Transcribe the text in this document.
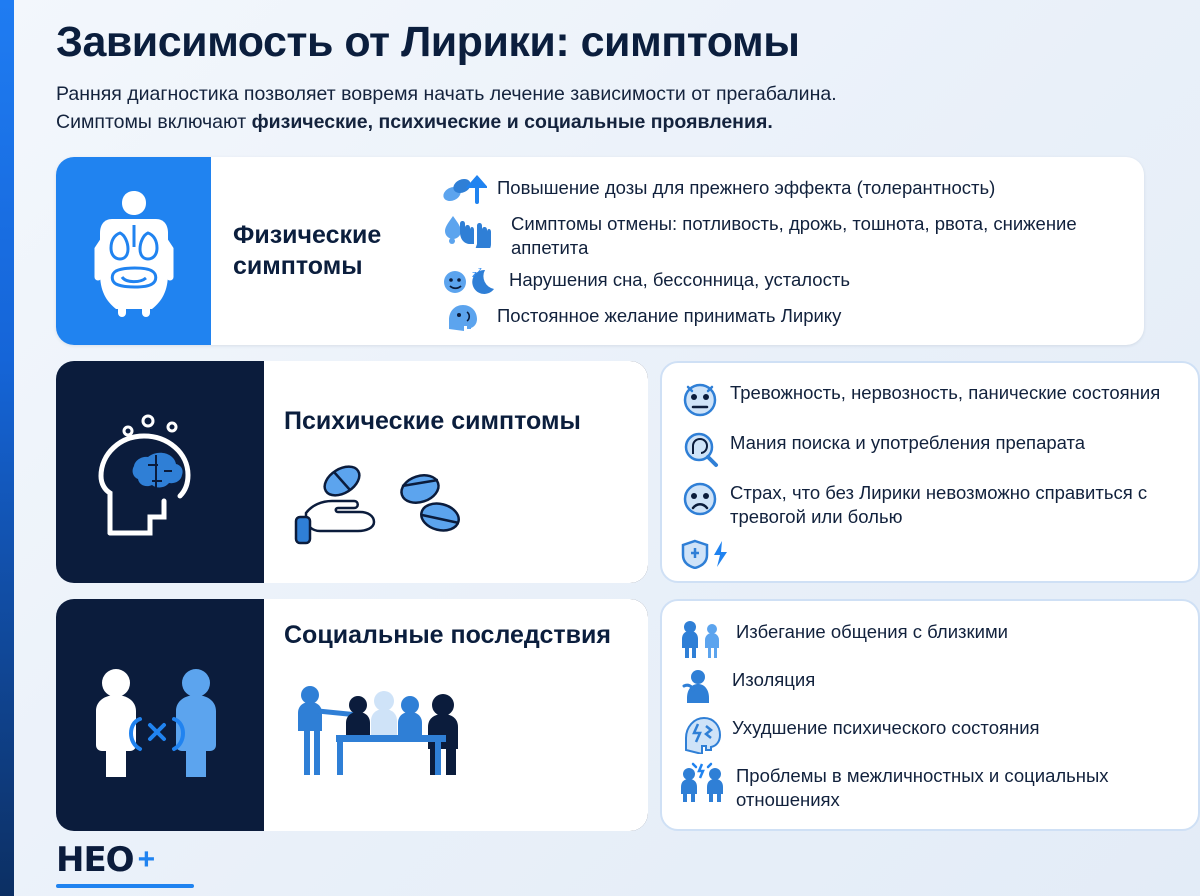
Зависимость от Лирики: симптомы
Ранняя диагностика позволяет вовремя начать лечение зависимости от прегабалина.
Симптомы включают физические, психические и социальные проявления.
Физические
симптомы
Повышение дозы для прежнего эффекта (толерантность)
Симптомы отмены: потливость, дрожь, тошнота, рвота, снижение аппетита
z z Нарушения сна, бессонница, усталость
Постоянное желание принимать Лирику
Психические симптомы
Тревожность, нервозность, панические состояния
Мания поиска и употребления препарата
Страх, что без Лирики невозможно справиться с тревогой или болью
Социальные последствия	Избегание общения с близкими
Изоляция
Ухудшение психического состояния
Проблемы в межличностных и социальных отношениях
НЕО +
